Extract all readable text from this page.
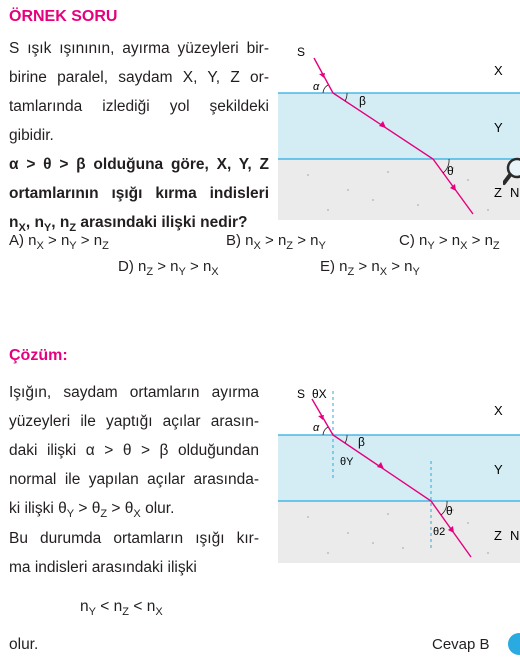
ÖRNEK SORU
S ışık ışınının, ayırma yüzeyleri bir-
birine paralel, saydam X, Y, Z or-
tamlarında izlediği yol şekildeki
gibidir.
α > θ > β olduğuna göre, X, Y, Z
ortamlarının ışığı kırma indisleri
$n_X$, $n_Y$, $n_Z$ arasındaki ilişki nedir?
S
α
β
θ
X
Y
Z N
A) $n_X > n_Y > n_Z$	B) $n_X > n_Z > n_Y$	C) $n_Y > n_X > n_Z$
D) $n_Z > n_Y > n_X$	E) $n_Z > n_X > n_Y$
Çözüm:
Işığın, saydam ortamların ayırma
yüzeyleri ile yaptığı açılar arasın-
daki ilişki α > θ > β olduğundan
normal ile yapılan açılar arasında-
ki ilişki $\theta_Y > \theta_Z > \theta_X$ olur.
Bu durumda ortamların ışığı kır-
ma indisleri arasındaki ilişki
$n_Y < n_Z < n_X$
olur.
S θX
α
β
θY
θ
θ2
X
Y
Z N
Cevap B
